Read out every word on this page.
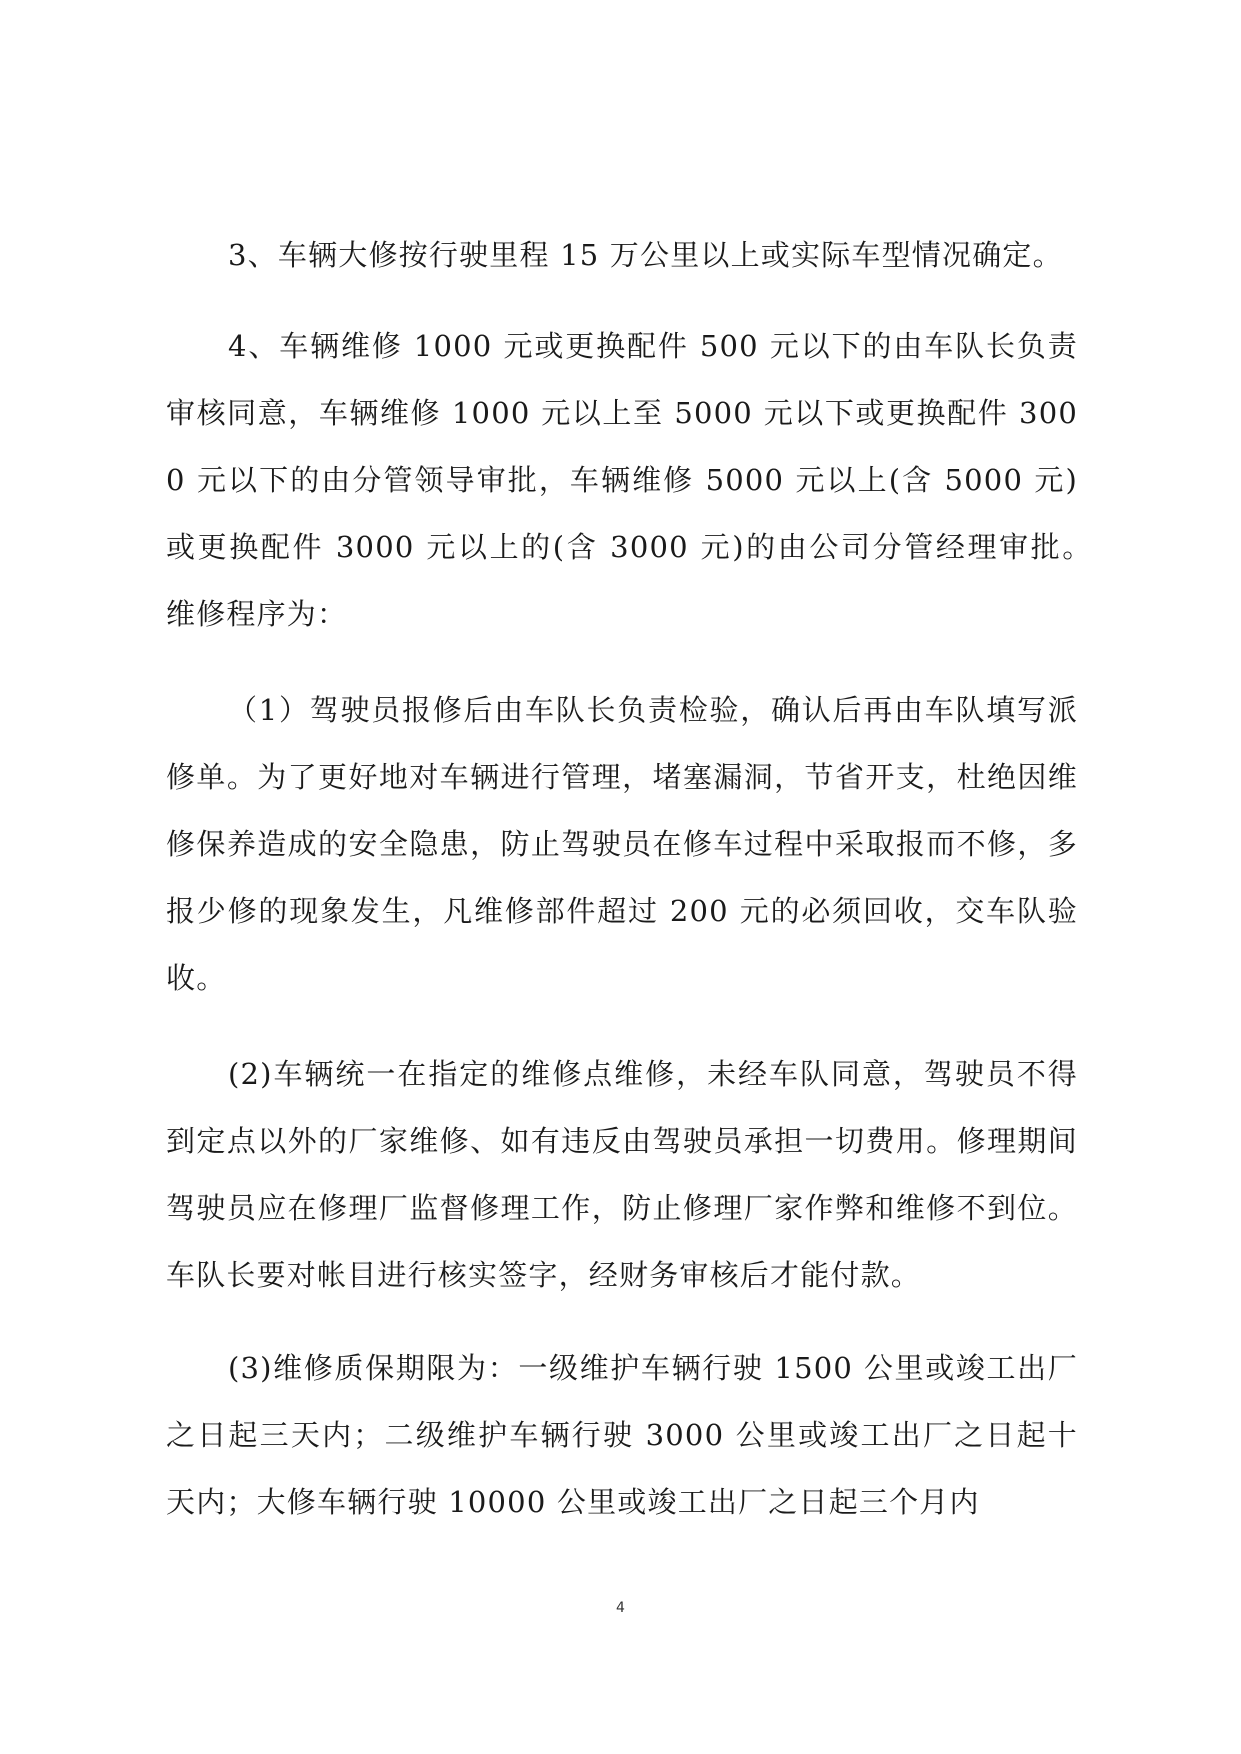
3、车辆大修按行驶里程 15 万公里以上或实际车型情况确定。

4、车辆维修 1000 元或更换配件 500 元以下的由车队长负责审核同意，车辆维修 1000 元以上至 5000 元以下或更换配件 3000 元以下的由分管领导审批，车辆维修 5000 元以上(含 5000 元)或更换配件 3000 元以上的(含 3000 元)的由公司分管经理审批。　　　维修程序为：

（1）驾驶员报修后由车队长负责检验，确认后再由车队填写派修单。为了更好地对车辆进行管理，堵塞漏洞，节省开支，杜绝因维修保养造成的安全隐患，防止驾驶员在修车过程中采取报而不修，多报少修的现象发生，凡维修部件超过 200 元的必须回收，交车队验收。

(2)车辆统一在指定的维修点维修，未经车队同意，驾驶员不得到定点以外的厂家维修、如有违反由驾驶员承担一切费用。修理期间驾驶员应在修理厂监督修理工作，防止修理厂家作弊和维修不到位。车队长要对帐目进行核实签字，经财务审核后才能付款。

(3)维修质保期限为：一级维护车辆行驶 1500 公里或竣工出厂之日起三天内；二级维护车辆行驶 3000 公里或竣工出厂之日起十天内；大修车辆行驶 10000 公里或竣工出厂之日起三个月内

4
